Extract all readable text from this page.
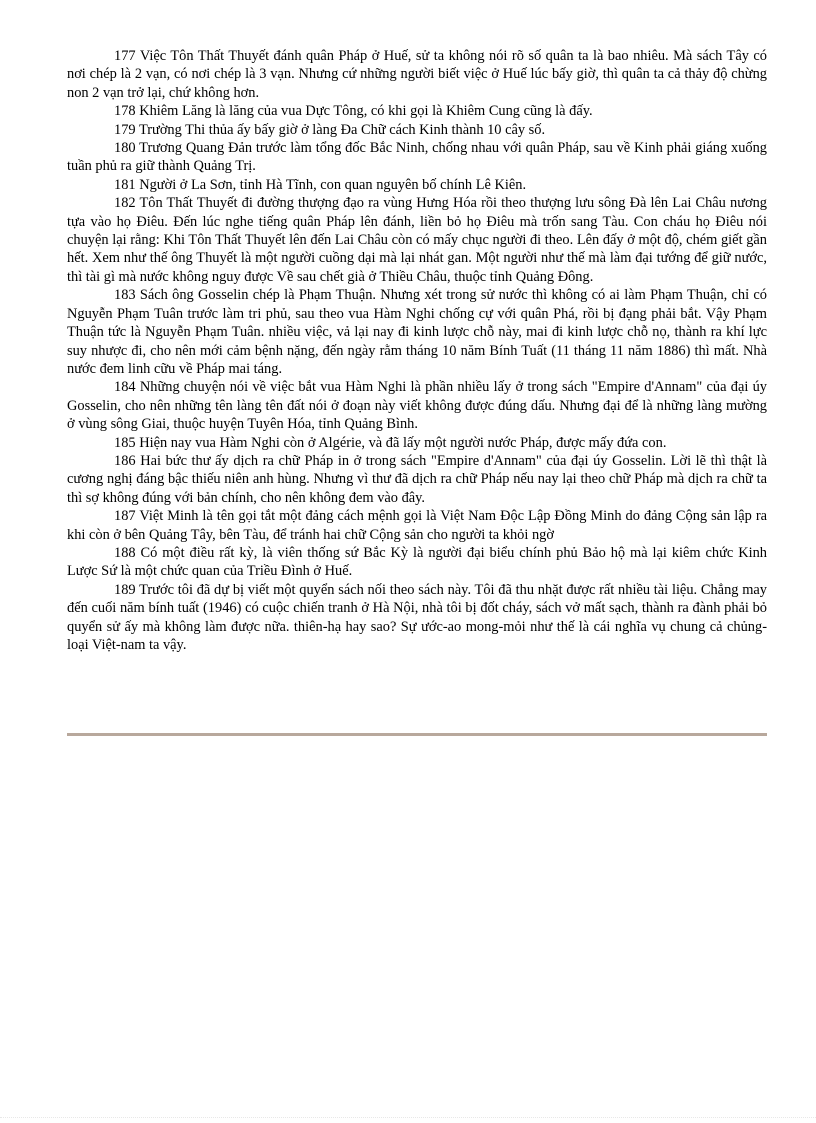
177 Việc Tôn Thất Thuyết đánh quân Pháp ở Huế, sử ta không nói rõ số quân ta là bao nhiêu. Mà sách Tây có nơi chép là 2 vạn, có nơi chép là 3 vạn. Nhưng cứ những người biết việc ở Huế lúc bấy giờ, thì quân ta cả thảy độ chừng non 2 vạn trở lại, chứ không hơn.

178 Khiêm Lăng là lăng của vua Dực Tông, có khi gọi là Khiêm Cung cũng là đấy.

179 Trường Thi thủa ấy bấy giờ ở làng Đa Chữ cách Kinh thành 10 cây số.

180 Trương Quang Đản trước làm tổng đốc Bắc Ninh, chống nhau với quân Pháp, sau về Kinh phải giáng xuống tuần phủ ra giữ thành Quảng Trị.

181 Người ở La Sơn, tỉnh Hà Tĩnh, con quan nguyên bố chính Lê Kiên.

182 Tôn Thất Thuyết đi đường thượng đạo ra vùng Hưng Hóa rồi theo thượng lưu sông Đà lên Lai Châu nương tựa vào họ Điêu. Đến lúc nghe tiếng quân Pháp lên đánh, liền bỏ họ Điêu mà trốn sang Tàu. Con cháu họ Điêu nói chuyện lại rằng: Khi Tôn Thất Thuyết lên đến Lai Châu còn có mấy chục người đi theo. Lên đấy ở một độ, chém giết gần hết. Xem như thế ông Thuyết là một người cuồng dại mà lại nhát gan. Một người như thế mà làm đại tướng để giữ nước, thì tài gì mà nước không nguy được Về sau chết già ở Thiều Châu, thuộc tỉnh Quảng Đông.

183 Sách ông Gosselin chép là Phạm Thuận. Nhưng xét trong sử nước thì không có ai làm Phạm Thuận, chỉ có Nguyễn Phạm Tuân trước làm tri phủ, sau theo vua Hàm Nghi chống cự với quân Phá, rồi bị đạng phải bắt. Vậy Phạm Thuận tức là Nguyễn Phạm Tuân. nhiều việc, vả lại nay đi kinh lược chỗ này, mai đi kinh lược chỗ nọ, thành ra khí lực suy nhược đi, cho nên mới cảm bệnh nặng, đến ngày rằm tháng 10 năm Bính Tuất (11 tháng 11 năm 1886) thì mất. Nhà nước đem linh cữu về Pháp mai táng.

184 Những chuyện nói về việc bắt vua Hàm Nghi là phần nhiều lấy ở trong sách "Empire d'Annam" của đại úy Gosselin, cho nên những tên làng tên đất nói ở đoạn này viết không được đúng dấu. Nhưng đại để là những làng mường ở vùng sông Giai, thuộc huyện Tuyên Hóa, tỉnh Quảng Bình.

185 Hiện nay vua Hàm Nghi còn ở Algérie, và đã lấy một người nước Pháp, được mấy đứa con.

186 Hai bức thư ấy dịch ra chữ Pháp in ở trong sách "Empire d'Annam" của đại úy Gosselin. Lời lẽ thì thật là cương nghị đáng bậc thiếu niên anh hùng. Nhưng vì thư đã dịch ra chữ Pháp nếu nay lại theo chữ Pháp mà dịch ra chữ ta thì sợ không đúng với bản chính, cho nên không đem vào đây.

187 Việt Minh là tên gọi tắt một đảng cách mệnh gọi là Việt Nam Độc Lập Đồng Minh do đảng Cộng sản lập ra khi còn ở bên Quảng Tây, bên Tàu, để tránh hai chữ Cộng sản cho người ta khỏi ngờ

188 Có một điều rất kỳ, là viên thống sứ Bắc Kỳ là người đại biểu chính phủ Bảo hộ mà lại kiêm chức Kinh Lược Sứ là một chức quan của Triều Đình ở Huế.

189 Trước tôi đã dự bị viết một quyển sách nối theo sách này. Tôi đã thu nhặt được rất nhiều tài liệu. Chẳng may đến cuối năm bính tuất (1946) có cuộc chiến tranh ở Hà Nội, nhà tôi bị đốt cháy, sách vở mất sạch, thành ra đành phải bỏ quyển sử ấy mà không làm được nữa. thiên-hạ hay sao? Sự ước-ao mong-mỏi như thế là cái nghĩa vụ chung cả chủng-loại Việt-nam ta vậy.
